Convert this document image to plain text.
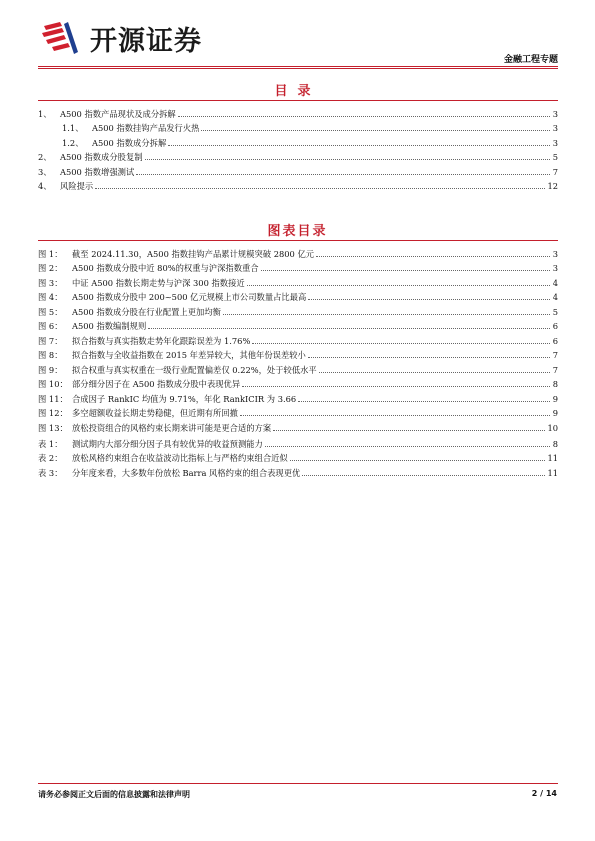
开源证券
金融工程专题
目录
1、	A500 指数产品现状及成分拆解	3
1.1、	A500 指数挂钩产品发行火热	3
1.2、	A500 指数成分拆解	3
2、	A500 指数成分股复制	5
3、	A500 指数增强测试	7
4、	风险提示	12
图表目录
图 1：	截至 2024.11.30，A500 指数挂钩产品累计规模突破 2800 亿元	3
图 2：	A500 指数成分股中近 80%的权重与沪深指数重合	3
图 3：	中证 A500 指数长期走势与沪深 300 指数接近	4
图 4：	A500 指数成分股中 200~500 亿元规模上市公司数量占比最高	4
图 5：	A500 指数成分股在行业配置上更加均衡	5
图 6：	A500 指数编制规则	6
图 7：	拟合指数与真实指数走势年化跟踪误差为 1.76%	6
图 8：	拟合指数与全收益指数在 2015 年差异较大，其他年份误差较小	7
图 9：	拟合权重与真实权重在一级行业配置偏差仅 0.22%，处于较低水平	7
图 10： 部分细分因子在 A500 指数成分股中表现优异	8
图 11： 合成因子 RankIC 均值为 9.71%，年化 RankICIR 为 3.66	9
图 12： 多空超额收益长期走势稳健，但近期有所回撤	9
图 13： 放松投资组合的风格约束长期来讲可能是更合适的方案	10
表 1：	测试期内大部分细分因子具有较优异的收益预测能力	8
表 2：	放松风格约束组合在收益波动比指标上与严格约束组合近似	11
表 3：	分年度来看，大多数年份放松 Barra 风格约束的组合表现更优	11
请务必参阅正文后面的信息披露和法律声明	2 / 14
